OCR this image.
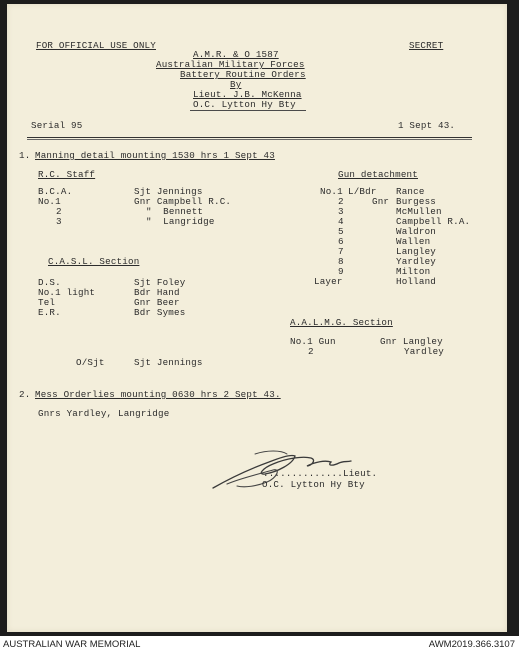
FOR OFFICIAL USE ONLY	SECRET
A.M.R. & O 1587
Australian Military Forces
Battery Routine Orders
By
Lieut. J.B. McKenna
O.C. Lytton Hy Bty
Serial 95	1 Sept 43.
1. Manning detail mounting 1530 hrs 1 Sept 43
R.C. Staff
B.C.A.	Sjt Jennings
No.1	Gnr Campbell R.C.
2	"  Bennett
3	"  Langridge
C.A.S.L. Section
D.S.	Sjt Foley
No.1 light	Bdr Hand
Tel	Gnr Beer
E.R.	Bdr Symes
O/Sjt	Sjt Jennings
Gun detachment
No.1 L/Bdr Rance
2	Gnr Burgess
3	McMullen
4	Campbell R.A.
5	Waldron
6	Wallen
7	Langley
8	Yardley
9	Milton
Layer	Holland
A.A.L.M.G. Section
No.1 Gun	Gnr Langley
2	Yardley
2. Mess Orderlies mounting 0630 hrs 2 Sept 43.
Gnrs Yardley, Langridge
..............Lieut.
O.C. Lytton Hy Bty
AUSTRALIAN WAR MEMORIAL	AWM2019.366.3107
